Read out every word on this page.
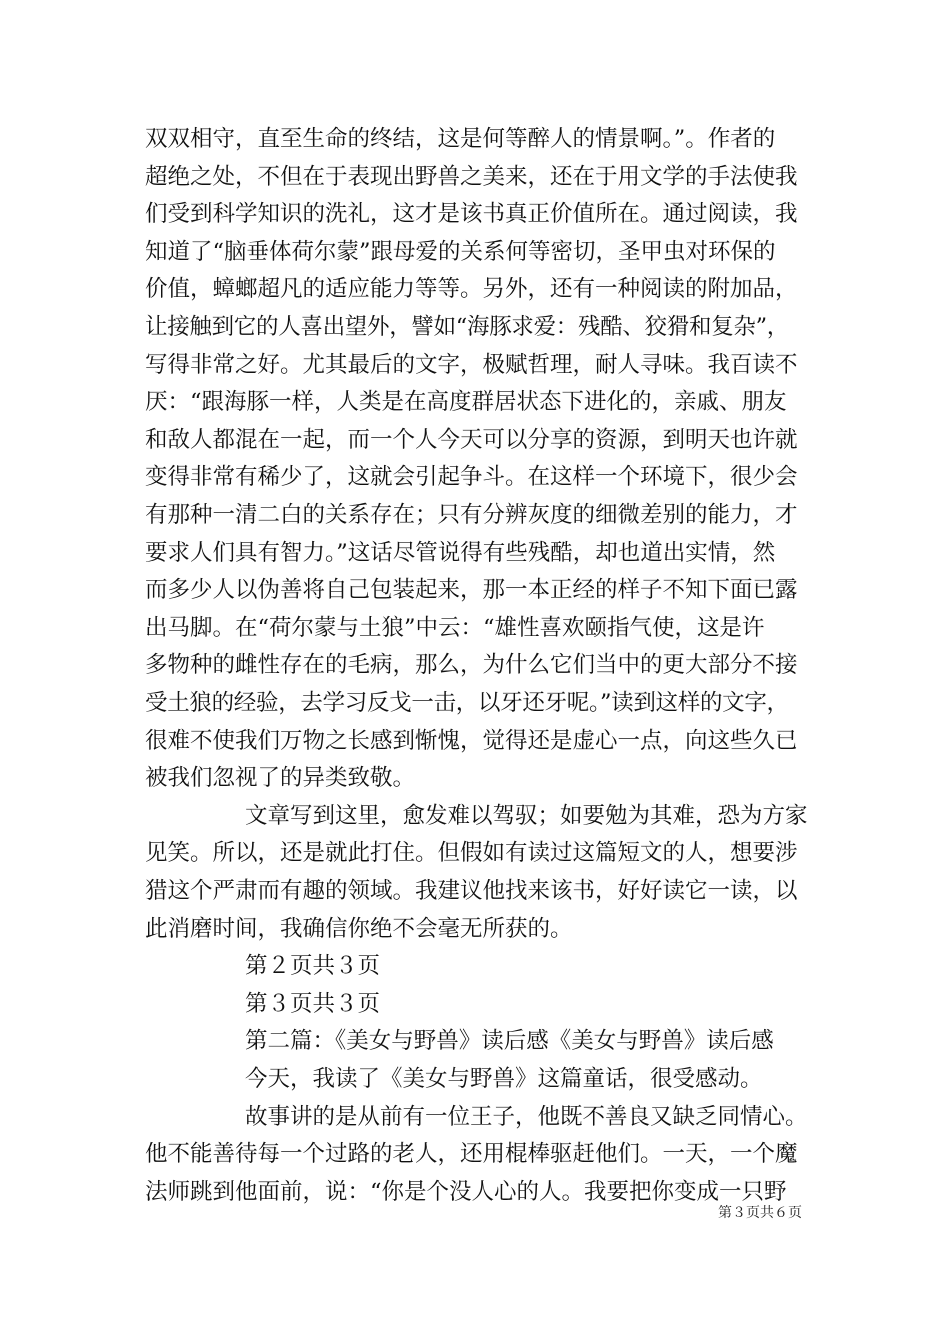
双双相守，直至生命的终结，这是何等醉人的情景啊。”。作者的
超绝之处，不但在于表现出野兽之美来，还在于用文学的手法使我
们受到科学知识的洗礼，这才是该书真正价值所在。通过阅读，我
知道了“脑垂体荷尔蒙”跟母爱的关系何等密切，圣甲虫对环保的
价值，蟑螂超凡的适应能力等等。另外，还有一种阅读的附加品，
让接触到它的人喜出望外，譬如“海豚求爱：残酷、狡猾和复杂”，
写得非常之好。尤其最后的文字，极赋哲理，耐人寻味。我百读不
厌：“跟海豚一样，人类是在高度群居状态下进化的，亲戚、朋友
和敌人都混在一起，而一个人今天可以分享的资源，到明天也许就
变得非常有稀少了，这就会引起争斗。在这样一个环境下，很少会
有那种一清二白的关系存在；只有分辨灰度的细微差别的能力，才
要求人们具有智力。”这话尽管说得有些残酷，却也道出实情，然
而多少人以伪善将自己包装起来，那一本正经的样子不知下面已露
出马脚。在“荷尔蒙与土狼”中云：“雄性喜欢颐指气使，这是许
多物种的雌性存在的毛病，那么，为什么它们当中的更大部分不接
受土狼的经验，去学习反戈一击，以牙还牙呢。”读到这样的文字，
很难不使我们万物之长感到惭愧，觉得还是虚心一点，向这些久已
被我们忽视了的异类致敬。
文章写到这里，愈发难以驾驭；如要勉为其难，恐为方家
见笑。所以，还是就此打住。但假如有读过这篇短文的人，想要涉
猎这个严肃而有趣的领域。我建议他找来该书，好好读它一读，以
此消磨时间，我确信你绝不会毫无所获的。
第２页共３页
第３页共３页
第二篇：《美女与野兽》读后感《美女与野兽》读后感
今天，我读了《美女与野兽》这篇童话，很受感动。
故事讲的是从前有一位王子，他既不善良又缺乏同情心。
他不能善待每一个过路的老人，还用棍棒驱赶他们。一天，一个魔
第３页共６页
法师跳到他面前，说：“你是个没人心的人。我要把你变成一只野
